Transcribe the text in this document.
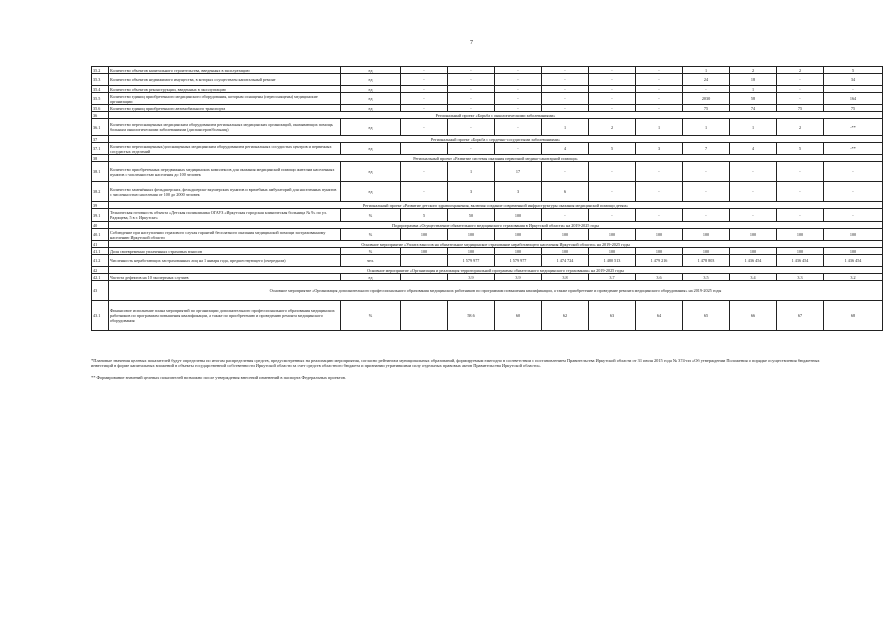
7
35.2	Количество объектов капитального строительства, введенных в эксплуатацию	ед	-	-	-	-	-	-	1	2	2	5
35.3	Количество объектов недвижимого имущества, в которых осуществлен капитальный ремонт	ед	-	-	-	-	-	-	24	18	-	34
35.4	Количество объектов реконструкции, введенных в эксплуатацию	ед	-	-	-	-	-	-	-	1	-	-
35.5	Количество единиц приобретенного медицинского оборудования, которым оснащены (переоснащены) медицинские организации	ед	-	-	-	-	-	-	2030	58	-	164
35.6	Количество единиц приобретенного автомобильного транспорта	ед	-	-	-	-	-	-	75	74	75	75
36	Региональный проект «Борьба с онкологическими заболеваниями»											
36.1	Количество переоснащенных медицинским оборудованием региональных медицинских организаций, оказывающих помощь больным онкологическими заболеваниями (диспансеров/больниц)	ед	-	-	-	1	2	1	1	1	2	-**
37	Региональный проект «Борьба с сердечно-сосудистыми заболеваниями»											
37.1	Количество переоснащенных/дооснащенных медицинским оборудованием региональных сосудистых центров и первичных сосудистых отделений	ед		-	-	4	5	3	7	4	5	-**
38	Региональный проект «Развитие системы оказания первичной медико-санитарной помощи»											
38.1	Количество приобретенных передвижных медицинских комплексов для оказания медицинской помощи жителям населенных пунктов с численностью населения до 100 человек	ед	-	1	17	-	-	-	-	-	-	-
38.2	Количество заменённых фельдшерских, фельдшерско-акушерских пунктов и врачебных амбулаторий для населенных пунктов с численностью населения от 100 до 2000 человек	ед	-	3	3	6	-	-	-	-	-	-
39	Региональный проект «Развитие детского здравоохранения, включая создание современной инфраструктуры оказания медицинской помощи детям»											
39.1	Техническая готовность объекта «Детская поликлиника ОГАУЗ «Иркутская городская клиническая больница № 9» по ул. Радищева, 5 в г. Иркутске»	%	5	50	100	-	-	-	-	-	-	-
40	Подпрограмма «Осуществление обязательного медицинского страхования в Иркутской области» на 2019-2025 годы											
40.1	Соблюдение при наступлении страхового случая гарантий бесплатного оказания медицинской помощи застрахованному населению Иркутской области	%	100	100	100	100	100	100	100	100	100	100
41	Основное мероприятие «Уплата взносов на обязательное медицинское страхование неработающего населения Иркутской области» на 2019-2025 годы											
41.1	Доля своевременно уплаченных страховых взносов	%	100	100	100	100	100	100	100	100	100	100
41.2	Численность неработающих застрахованных лиц на 1 января года, предшествующего (очередном)	чел.		1 579 977	1 579 977	1 474 724	1 480 513	1 479 216	1 478 803	1 436 454	1 436 454	1 436 454
42	Основное мероприятие «Организация и реализация территориальной программы обязательного медицинского страхования» на 2019-2025 годы											
42.1	Частота дефектов на 10 экспертных случаев	ед		3.9	3.9	3.8	3.7	3.6	3.5	3.4	3.3	3.2
43	Основное мероприятие «Организация дополнительного профессионального образования медицинских работников по программам повышения квалификации, а также приобретение и проведение ремонта медицинского оборудования» на 2019-2025 годы											
43.1	Финансовое исполнение плана мероприятий по организации дополнительного профессионального образования медицинских работников по программам повышения квалификации, а также по приобретению и проведению ремонта медицинского оборудования	%		58.6	60	62	63	64	65	66	67	68

*Плановые значения целевых показателей будут определены по итогам распределения средств, предусмотренных на реализацию мероприятия, согласно рейтингам муниципальных образований, формируемым ежегодно в соответствии с постановлением Правительства Иркутской области от 31 июля 2015 года № 374-пп «Об утверждении Положения о порядке осуществления бюджетных инвестиций в форме капитальных вложений в объекты государственной собственности Иркутской области за счет средств областного бюджета и признании утратившими силу отдельных правовых актов Правительства Иркутской области».

** Формирование значений целевых показателей возможно после утверждения внесений изменений в паспорта Федеральных проектов.
